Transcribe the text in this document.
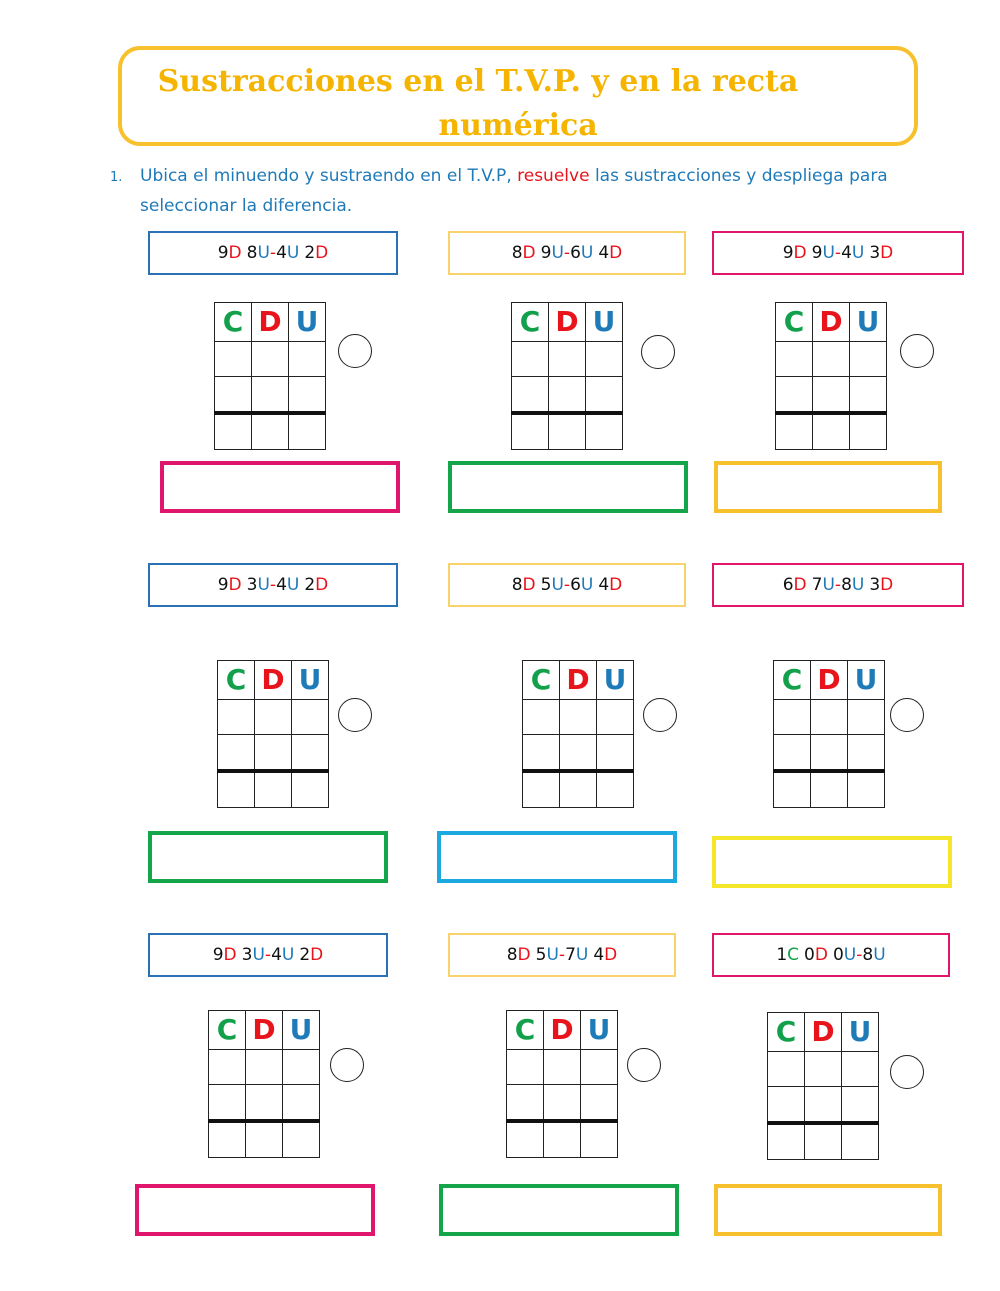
Sustracciones en el T.V.P. y en la recta
numérica
1. Ubica el minuendo y sustraendo en el T.V.P, resuelve las sustracciones y despliega para
seleccionar la diferencia.
9 D
8 U - 4 U
2 D
C	D	U

8 D
9 U - 6 U
4 D
C	D	U

9 D
9 U - 4 U
3 D
C	D	U

9 D
3 U - 4 U
2 D
C	D	U

8 D
5 U - 6 U
4 D
C	D	U

6 D
7 U - 8 U
3 D
C	D	U

9 D
3 U - 4 U
2 D
C	D	U

8 D
5 U - 7 U
4 D
C	D	U

1 C
0 D
0 U - 8 U
C	D	U
